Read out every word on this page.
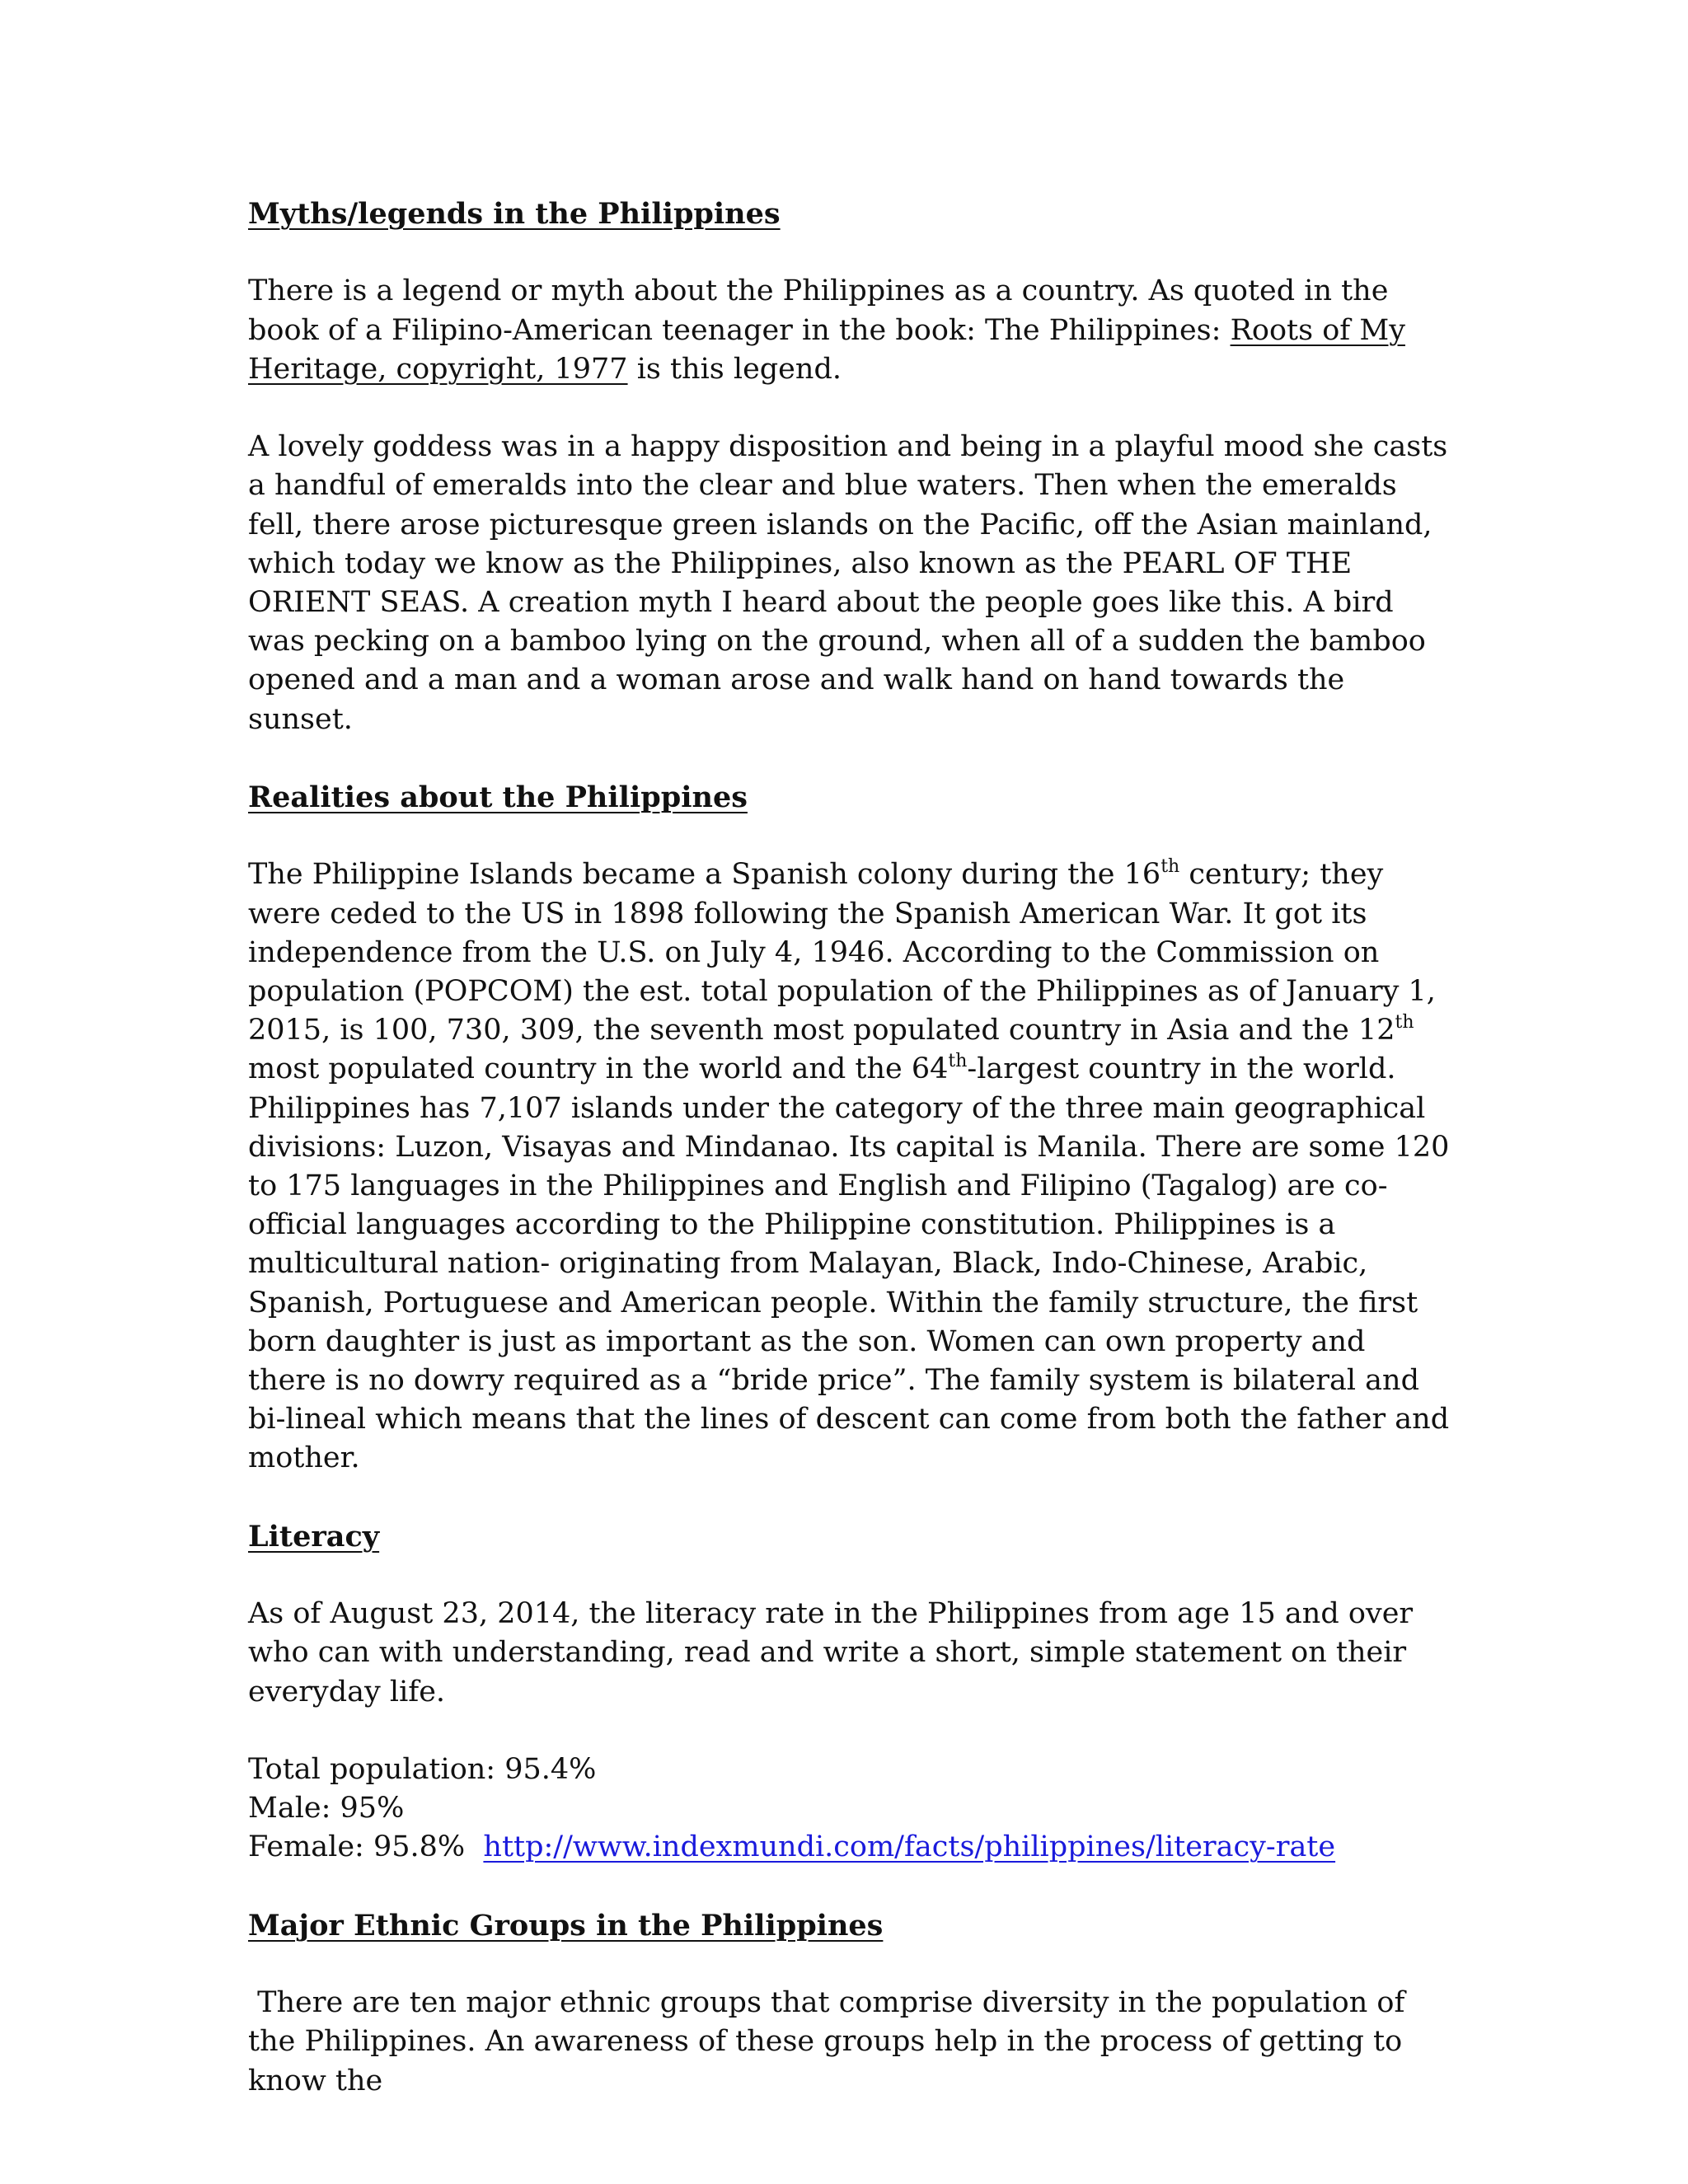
Myths/legends in the Philippines

There is a legend or myth about the Philippines as a country. As quoted in the book of a Filipino-American teenager in the book: The Philippines: Roots of My Heritage, copyright, 1977 is this legend.

A lovely goddess was in a happy disposition and being in a playful mood she casts a handful of emeralds into the clear and blue waters. Then when the emeralds fell, there arose picturesque green islands on the Pacific, off the Asian mainland, which today we know as the Philippines, also known as the PEARL OF THE ORIENT SEAS. A creation myth I heard about the people goes like this. A bird was pecking on a bamboo lying on the ground, when all of a sudden the bamboo opened and a man and a woman arose and walk hand on hand towards the sunset.

Realities about the Philippines

The Philippine Islands became a Spanish colony during the 16th century; they were ceded to the US in 1898 following the Spanish American War. It got its independence from the U.S. on July 4, 1946. According to the Commission on population (POPCOM) the est. total population of the Philippines as of January 1, 2015, is 100, 730, 309, the seventh most populated country in Asia and the 12th most populated country in the world and the 64th-largest country in the world. Philippines has 7,107 islands under the category of the three main geographical divisions: Luzon, Visayas and Mindanao. Its capital is Manila. There are some 120 to 175 languages in the Philippines and English and Filipino (Tagalog) are co-official languages according to the Philippine constitution. Philippines is a multicultural nation- originating from Malayan, Black, Indo-Chinese, Arabic, Spanish, Portuguese and American people. Within the family structure, the first born daughter is just as important as the son. Women can own property and there is no dowry required as a “bride price”. The family system is bilateral and bi-lineal which means that the lines of descent can come from both the father and mother.

Literacy

As of August 23, 2014, the literacy rate in the Philippines from age 15 and over who can with understanding, read and write a short, simple statement on their everyday life.

Total population: 95.4%

Male: 95%

Female: 95.8% http://www.indexmundi.com/facts/philippines/literacy-rate

Major Ethnic Groups in the Philippines

There are ten major ethnic groups that comprise diversity in the population of the Philippines. An awareness of these groups help in the process of getting to know the
